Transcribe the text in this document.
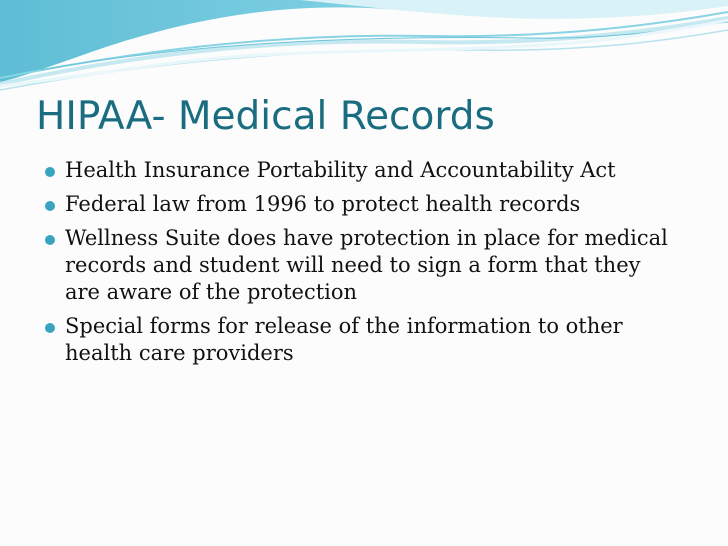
HIPAA- Medical Records
Health Insurance Portability and Accountability Act
Federal law from 1996 to protect health records
Wellness Suite does have protection in place for medical records and student will need to sign a form that they are aware of the protection
Special forms for release of the information to other health care providers
